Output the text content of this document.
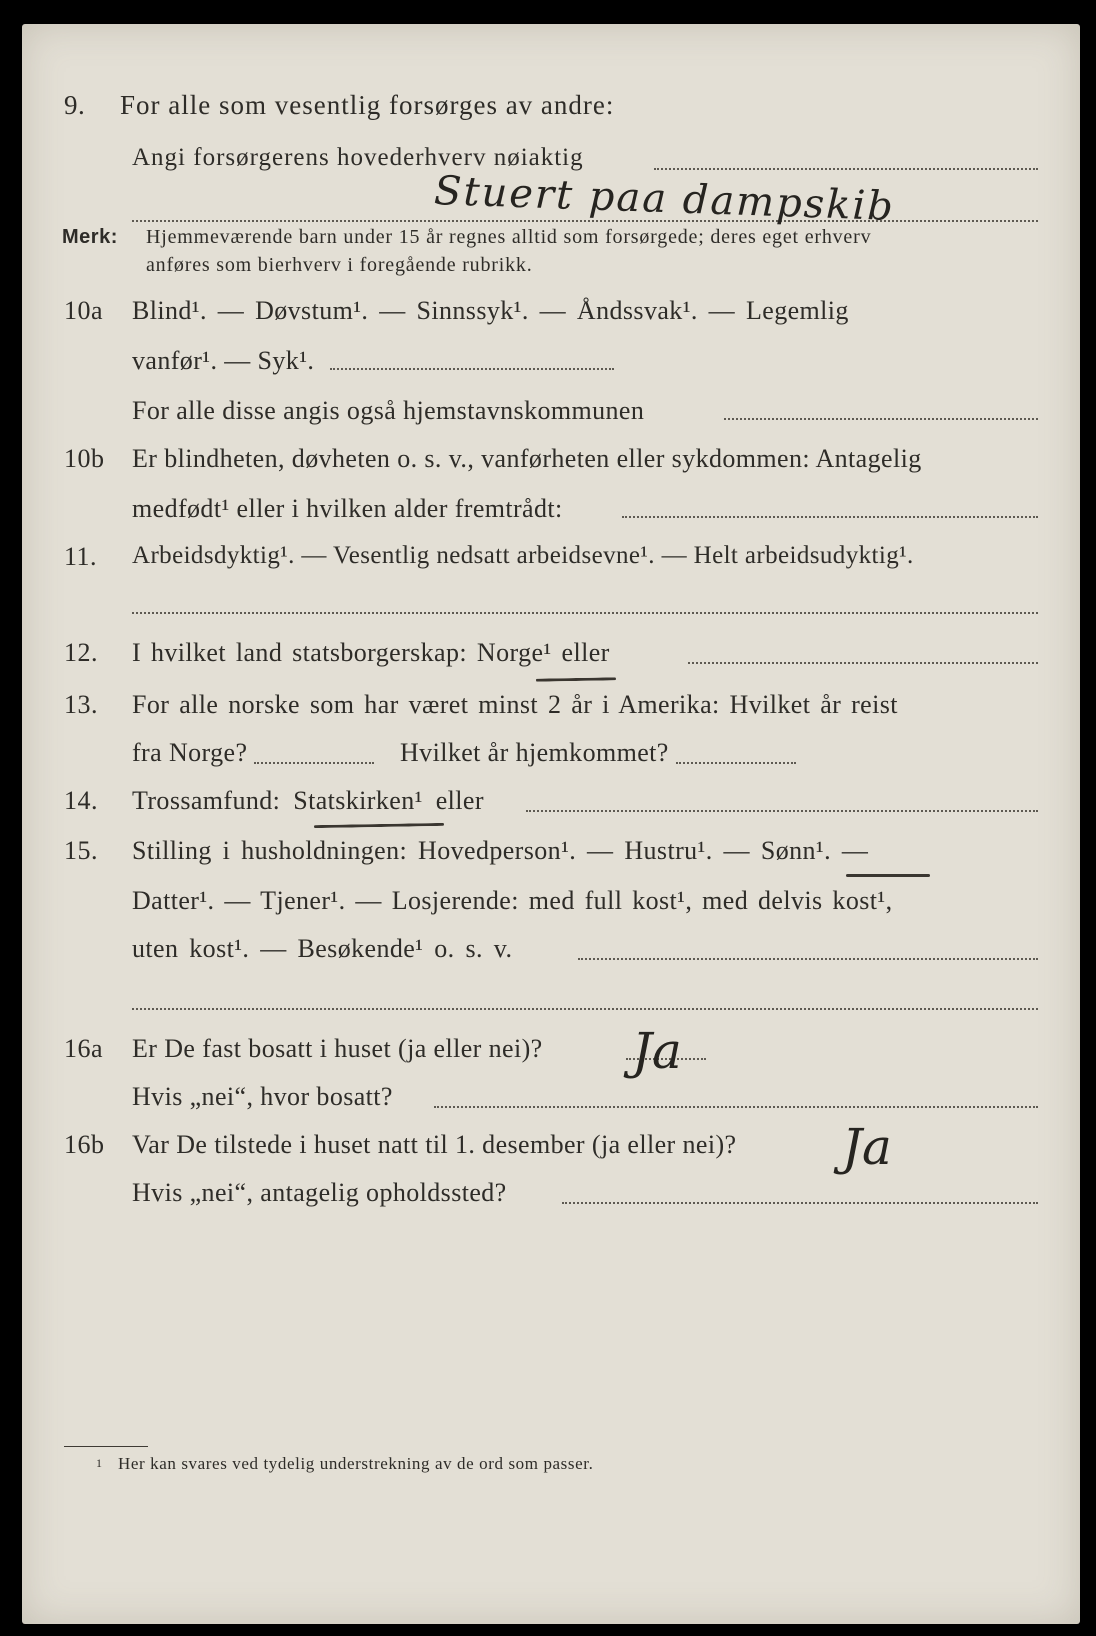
9. For alle som vesentlig forsørges av andre:
Angi forsørgerens hovederhverv nøiaktig
Stuert paa dampskib
Merk: Hjemmeværende barn under 15 år regnes alltid som forsørgede; deres eget erhverv
anføres som bierhverv i foregående rubrikk.
10a Blind¹. — Døvstum¹. — Sinnssyk¹. — Åndssvak¹. — Legemlig
vanfør¹. — Syk¹.
For alle disse angis også hjemstavnskommunen
10b Er blindheten, døvheten o. s. v., vanførheten eller sykdommen: Antagelig
medfødt¹ eller i hvilken alder fremtrådt:
11. Arbeidsdyktig¹. — Vesentlig nedsatt arbeidsevne¹. — Helt arbeidsudyktig¹.
12. I hvilket land statsborgerskap: Norge¹ eller
13. For alle norske som har været minst 2 år i Amerika: Hvilket år reist
fra Norge?	Hvilket år hjemkommet?
14. Trossamfund: Statskirken¹ eller
15. Stilling i husholdningen: Hovedperson¹. — Hustru¹. — Sønn¹. —
Datter¹. — Tjener¹. — Losjerende: med full kost¹, med delvis kost¹,
uten kost¹. — Besøkende¹ o. s. v.
16a Er De fast bosatt i huset (ja eller nei)? Ja
Hvis „nei“, hvor bosatt?
16b Var De tilstede i huset natt til 1. desember (ja eller nei)? Ja
Hvis „nei“, antagelig opholdssted?
1 Her kan svares ved tydelig understrekning av de ord som passer.
